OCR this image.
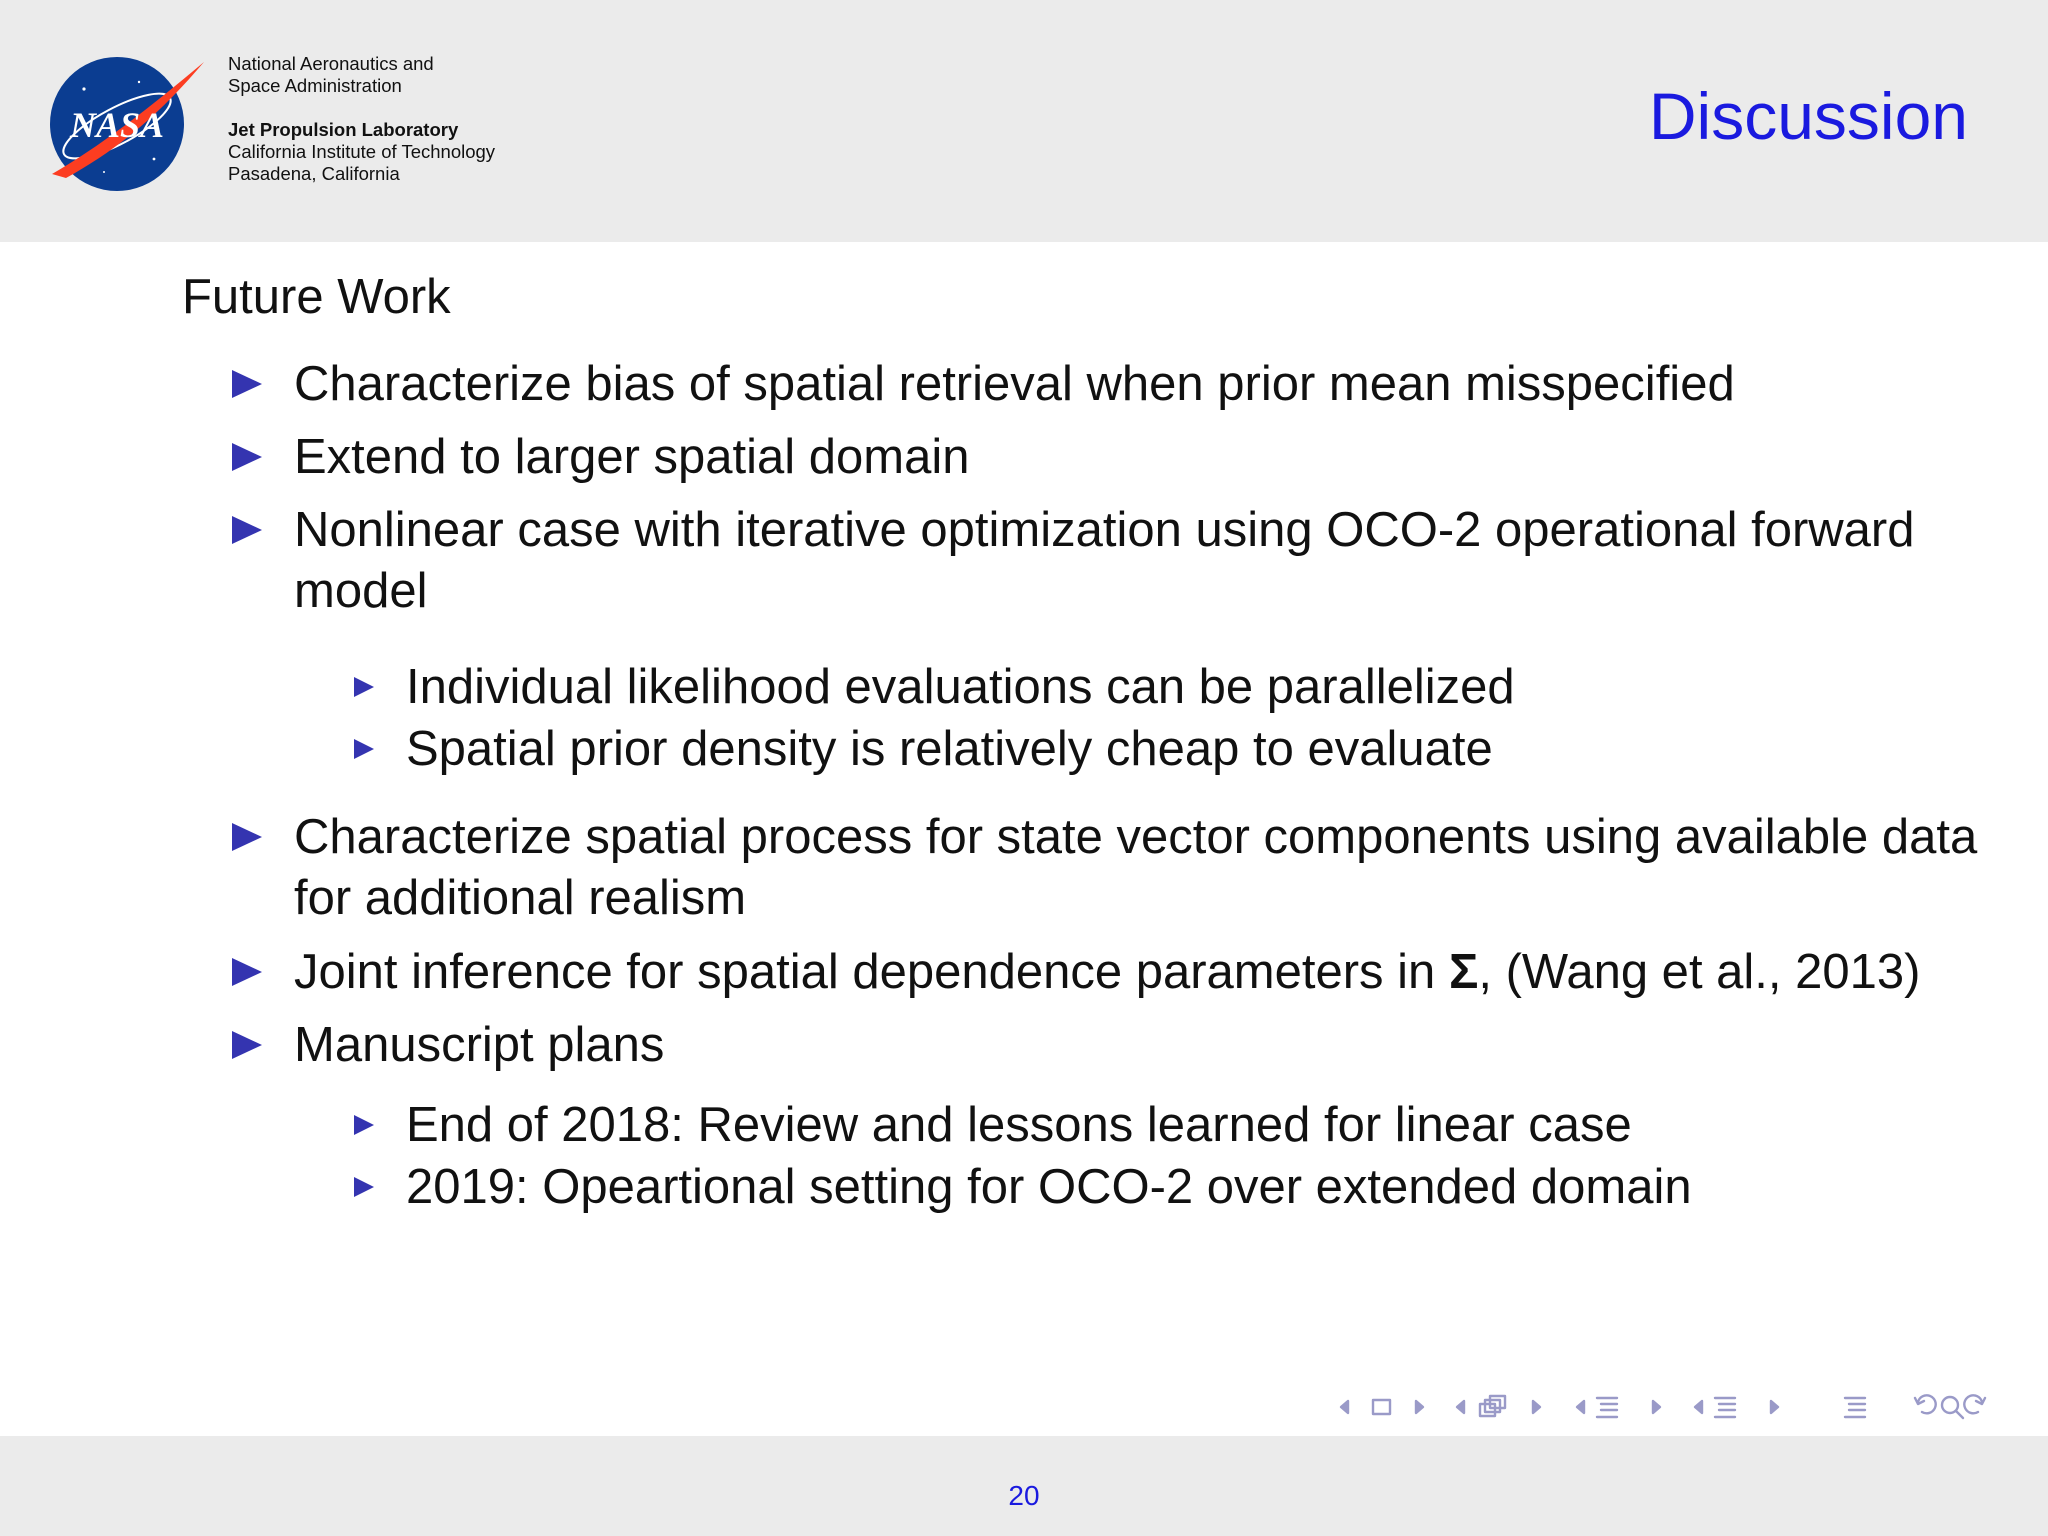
NASA
National Aeronautics and
Space Administration
Jet Propulsion Laboratory
California Institute of Technology
Pasadena, California
Discussion
Future Work
Characterize bias of spatial retrieval when prior mean misspecified
Extend to larger spatial domain
Nonlinear case with iterative optimization using OCO-2 operational forward model
Individual likelihood evaluations can be parallelized
Spatial prior density is relatively cheap to evaluate
Characterize spatial process for state vector components using available data for additional realism
Joint inference for spatial dependence parameters in Σ, (Wang et al., 2013)
Manuscript plans
End of 2018: Review and lessons learned for linear case
2019: Opeartional setting for OCO-2 over extended domain
20
